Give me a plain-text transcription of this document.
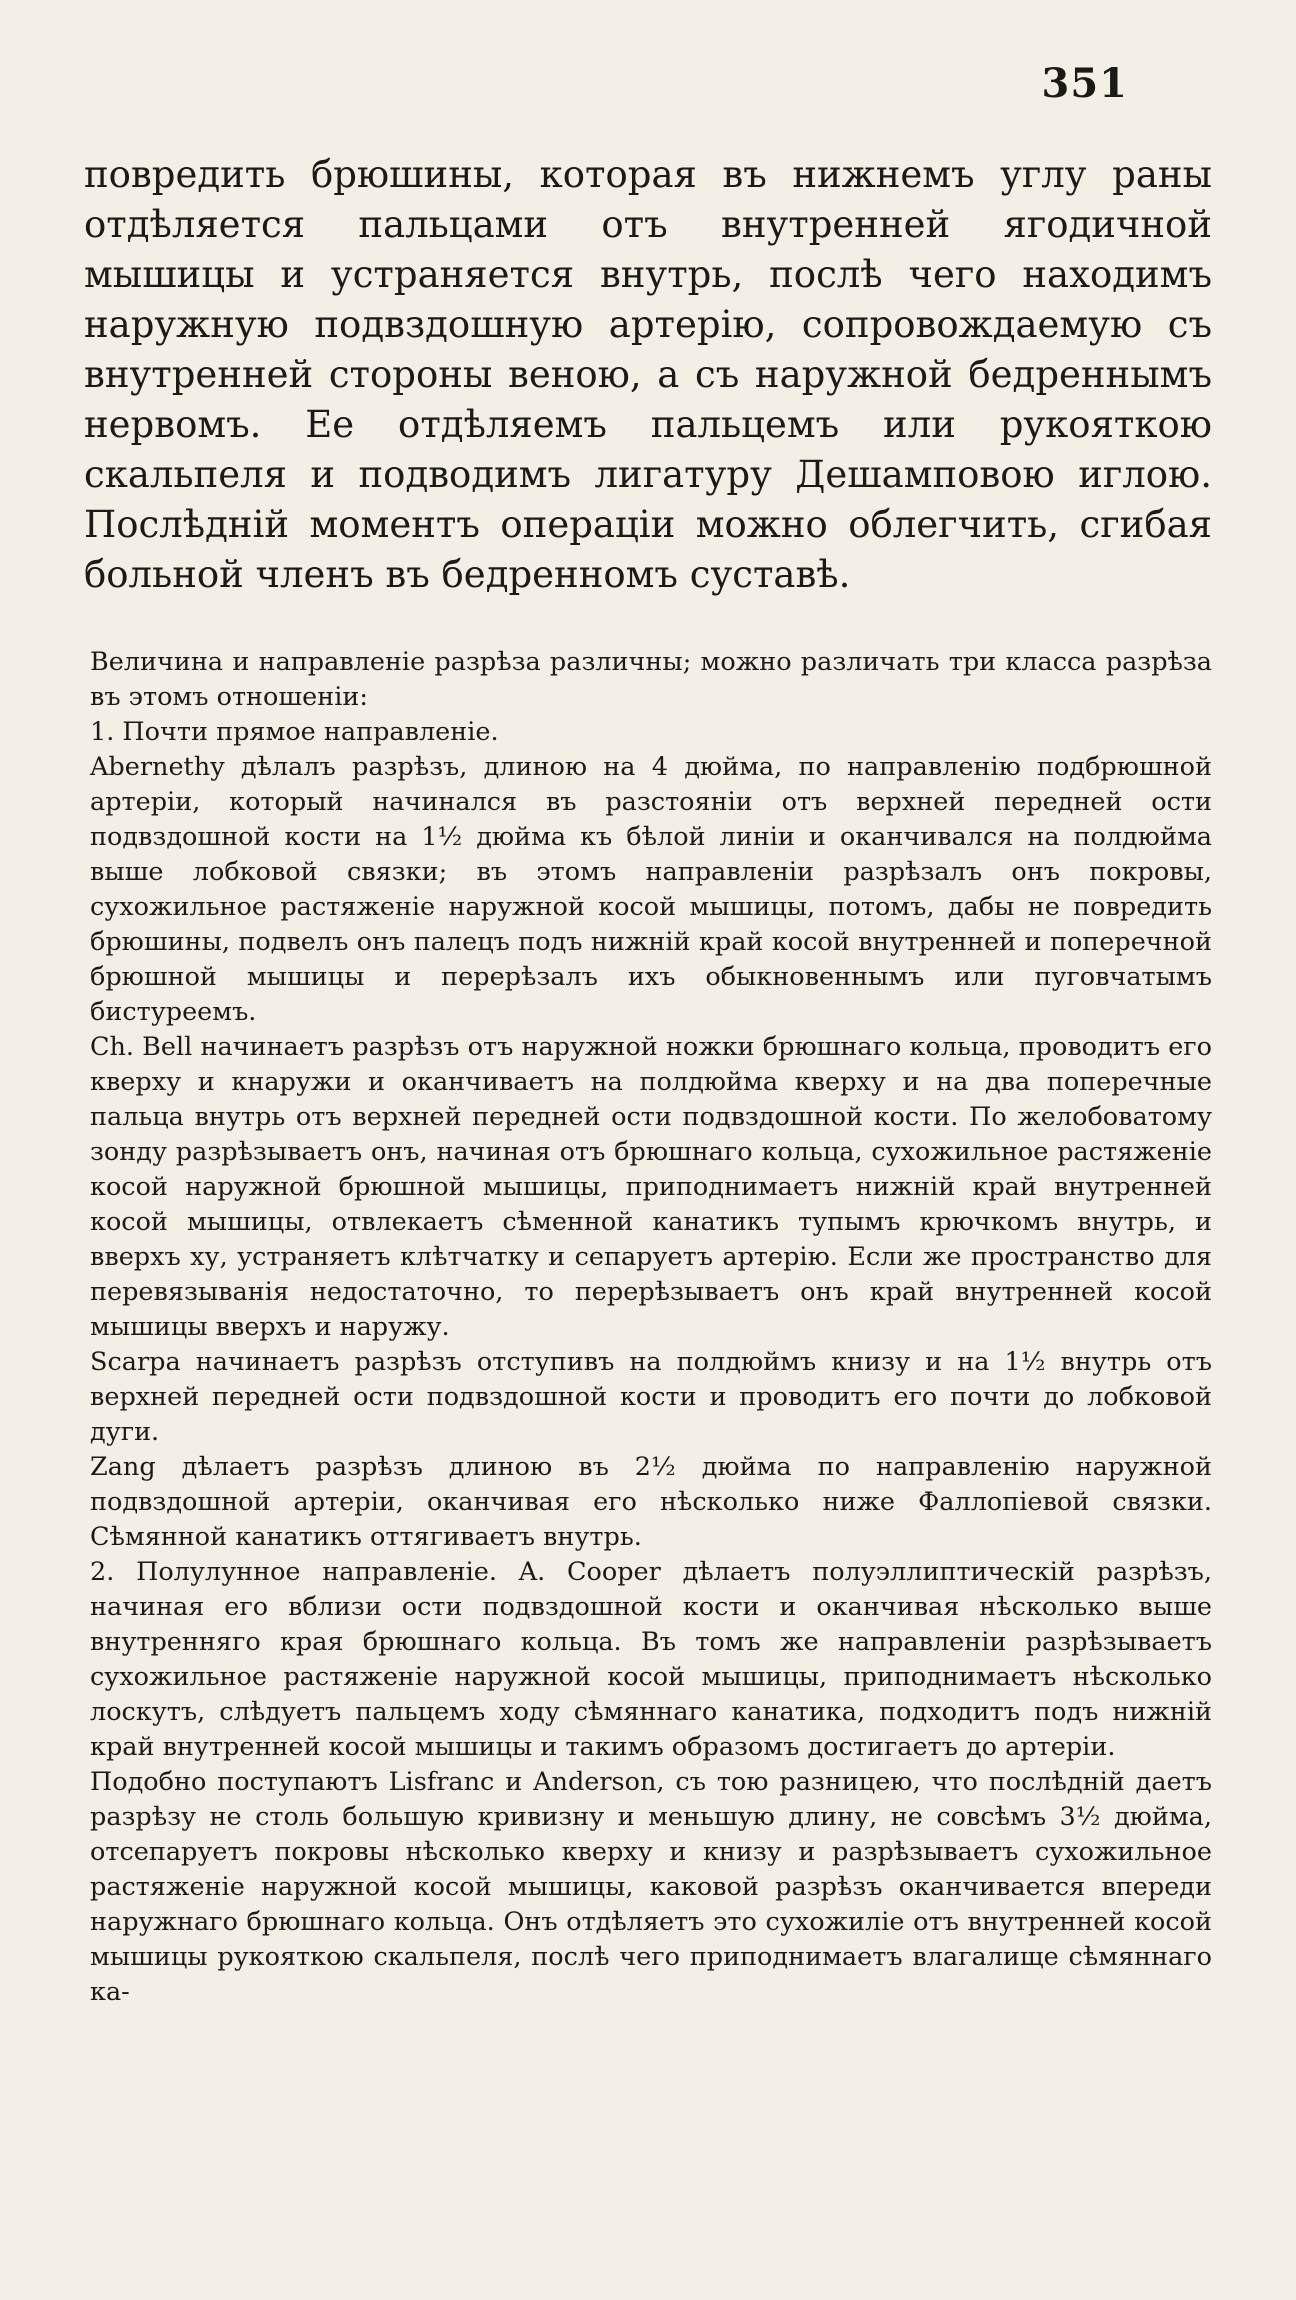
351
повредить брюшины, которая въ нижнемъ углу раны отдѣляется пальцами отъ внутренней ягодичной мышицы и устраняется внутрь, послѣ чего находимъ наружную подвздошную артерію, сопровождаемую съ внутренней стороны веною, а съ наружной бедреннымъ нервомъ. Ее отдѣляемъ пальцемъ или рукояткою скальпеля и подводимъ лигатуру Дешамповою иглою. Послѣдній моментъ операціи можно облегчить, сгибая больной членъ въ бедренномъ суставѣ.

Величина и направленіе разрѣза различны; можно различать три класса разрѣза въ этомъ отношеніи:

1. Почти прямое направленіе.

Abernethy дѣлалъ разрѣзъ, длиною на 4 дюйма, по направленію подбрюшной артеріи, который начинался въ разстояніи отъ верхней передней ости подвздошной кости на 1½ дюйма къ бѣлой линіи и оканчивался на полдюйма выше лобковой связки; въ этомъ направленіи разрѣзалъ онъ покровы, сухожильное растяженіе наружной косой мышицы, потомъ, дабы не повредить брюшины, подвелъ онъ палецъ подъ нижній край косой внутренней и поперечной брюшной мышицы и перерѣзалъ ихъ обыкновеннымъ или пуговчатымъ бистуреемъ.

Ch. Bell начинаетъ разрѣзъ отъ наружной ножки брюшнаго кольца, проводитъ его кверху и кнаружи и оканчиваетъ на полдюйма кверху и на два поперечные пальца внутрь отъ верхней передней ости подвздошной кости. По желобоватому зонду разрѣзываетъ онъ, начиная отъ брюшнаго кольца, сухожильное растяженіе косой наружной брюшной мышицы, приподнимаетъ нижній край внутренней косой мышицы, отвлекаетъ сѣменной канатикъ тупымъ крючкомъ внутрь, и вверхъ ху, устраняетъ клѣтчатку и сепаруетъ артерію. Если же пространство для перевязыванія недостаточно, то перерѣзываетъ онъ край внутренней косой мышицы вверхъ и наружу.

Scarpa начинаетъ разрѣзъ отступивъ на полдюймъ книзу и на 1½ внутрь отъ верхней передней ости подвздошной кости и проводитъ его почти до лобковой дуги.

Zang дѣлаетъ разрѣзъ длиною въ 2½ дюйма по направленію наружной подвздошной артеріи, оканчивая его нѣсколько ниже Фаллопіевой связки. Сѣмянной канатикъ оттягиваетъ внутрь.

2. Полулунное направленіе. A. Cooper дѣлаетъ полуэллиптическій разрѣзъ, начиная его вблизи ости подвздошной кости и оканчивая нѣсколько выше внутренняго края брюшнаго кольца. Въ томъ же направленіи разрѣзываетъ сухожильное растяженіе наружной косой мышицы, приподнимаетъ нѣсколько лоскутъ, слѣдуетъ пальцемъ ходу сѣмяннаго канатика, подходитъ подъ нижній край внутренней косой мышицы и такимъ образомъ достигаетъ до артеріи.

Подобно поступаютъ Lisfranc и Anderson, съ тою разницею, что послѣдній даетъ разрѣзу не столь большую кривизну и меньшую длину, не совсѣмъ 3½ дюйма, отсепаруетъ покровы нѣсколько кверху и книзу и разрѣзываетъ сухожильное растяженіе наружной косой мышицы, каковой разрѣзъ оканчивается впереди наружнаго брюшнаго кольца. Онъ отдѣляетъ это сухожиліе отъ внутренней косой мышицы рукояткою скальпеля, послѣ чего приподнимаетъ влагалище сѣмяннаго ка-
